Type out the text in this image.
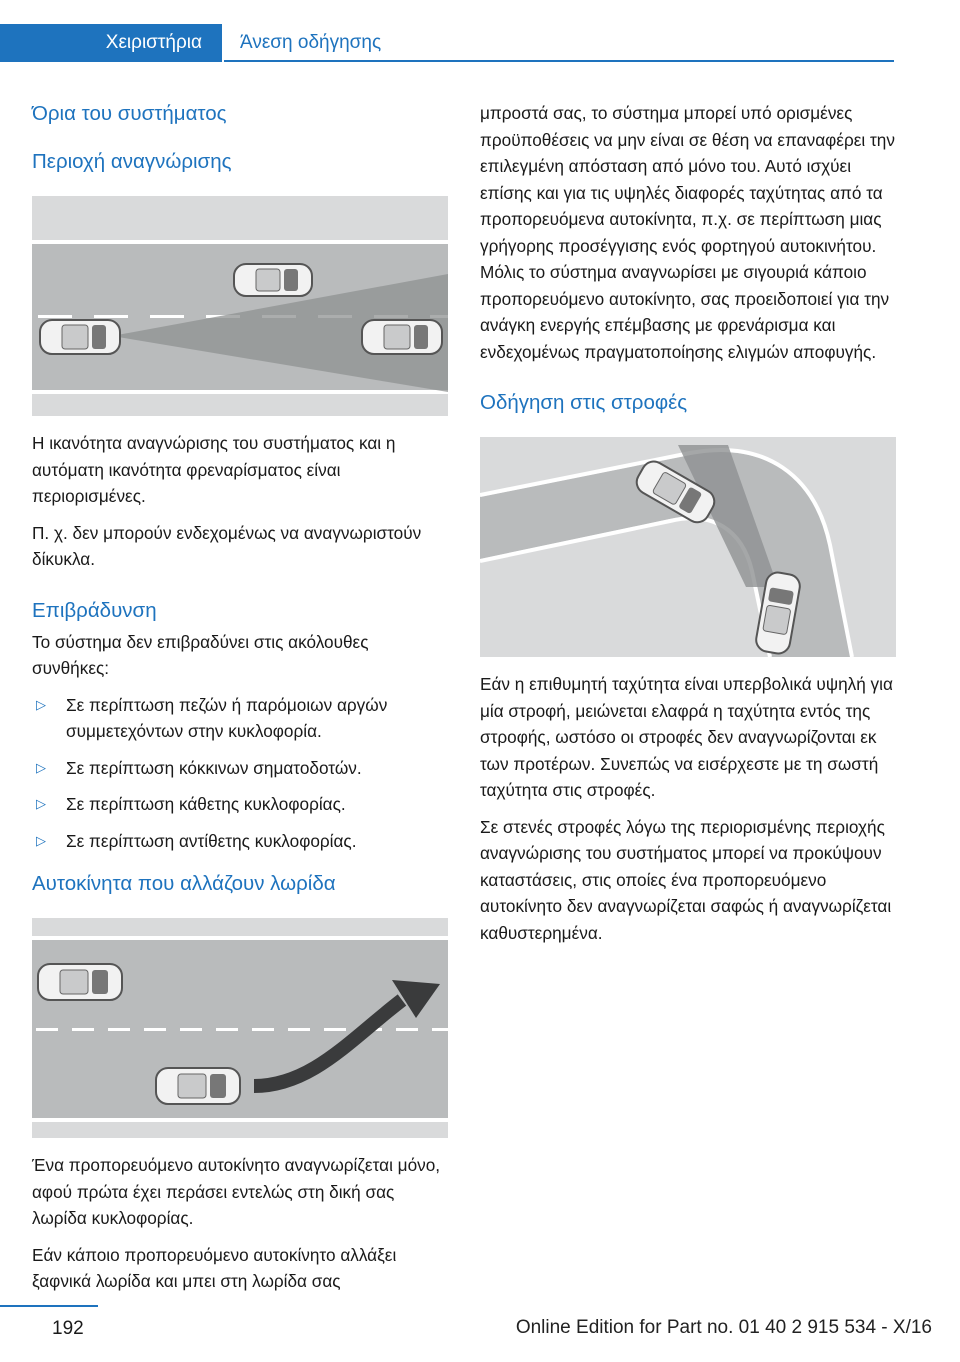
Χειριστήρια Άνεση οδήγησης
Όρια του συστήματος
Περιοχή αναγνώρισης

Η ικανότητα αναγνώρισης του συστήματος και η αυτόματη ικανότητα φρεναρίσματος είναι περιορισμένες.

Π. χ. δεν μπορούν ενδεχομένως να αναγνωριστούν δίκυκλα.

Επιβράδυνση

Το σύστημα δεν επιβραδύνει στις ακόλουθες συνθήκες:

▷ Σε περίπτωση πεζών ή παρόμοιων αργών συμμετεχόντων στην κυκλοφορία.
▷ Σε περίπτωση κόκκινων σηματοδοτών.
▷ Σε περίπτωση κάθετης κυκλοφορίας.
▷ Σε περίπτωση αντίθετης κυκλοφορίας.
Αυτοκίνητα που αλλάζουν λωρίδα

Ένα προπορευόμενο αυτοκίνητο αναγνωρίζεται μόνο, αφού πρώτα έχει περάσει εντελώς στη δική σας λωρίδα κυκλοφορίας.

Εάν κάποιο προπορευόμενο αυτοκίνητο αλλάξει ξαφνικά λωρίδα και μπει στη λωρίδα σας

μπροστά σας, το σύστημα μπορεί υπό ορισμένες προϋποθέσεις να μην είναι σε θέση να επαναφέρει την επιλεγμένη απόσταση από μόνο του. Αυτό ισχύει επίσης και για τις υψηλές διαφορές ταχύτητας από τα προπορευόμενα αυτοκίνητα, π.χ. σε περίπτωση μιας γρήγορης προσέγγισης ενός φορτηγού αυτοκινήτου. Μόλις το σύστημα αναγνωρίσει με σιγουριά κάποιο προπορευόμενο αυτοκίνητο, σας προειδοποιεί για την ανάγκη ενεργής επέμβασης με φρενάρισμα και ενδεχομένως πραγματοποίησης ελιγμών αποφυγής.

Οδήγηση στις στροφές

Εάν η επιθυμητή ταχύτητα είναι υπερβολικά υψηλή για μία στροφή, μειώνεται ελαφρά η ταχύτητα εντός της στροφής, ωστόσο οι στροφές δεν αναγνωρίζονται εκ των προτέρων. Συνεπώς να εισέρχεστε με τη σωστή ταχύτητα στις στροφές.

Σε στενές στροφές λόγω της περιορισμένης περιοχής αναγνώρισης του συστήματος μπορεί να προκύψουν καταστάσεις, στις οποίες ένα προπορευόμενο αυτοκίνητο δεν αναγνωρίζεται σαφώς ή αναγνωρίζεται καθυστερημένα.

192	Online Edition for Part no. 01 40 2 915 534 - X/16
